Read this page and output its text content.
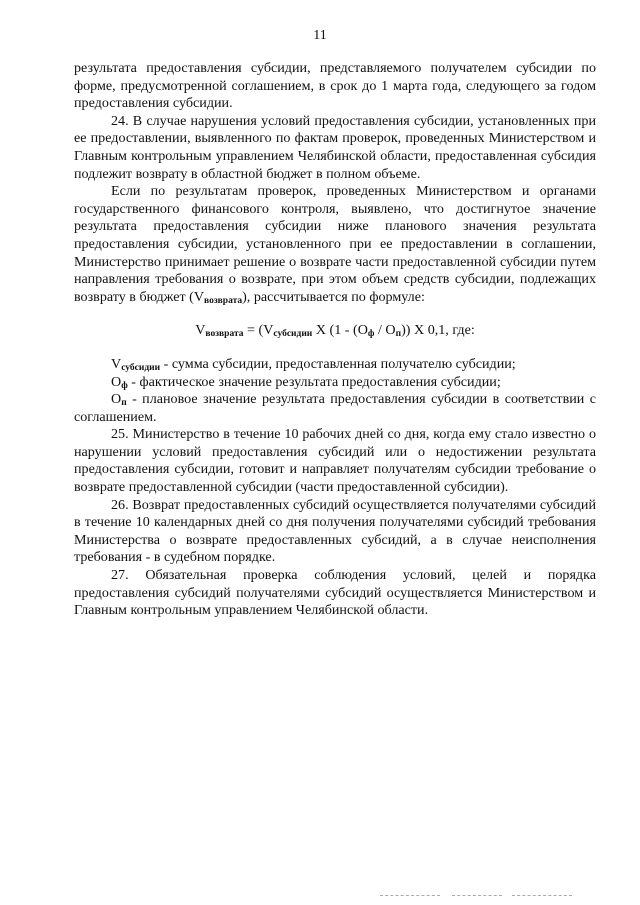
11

результата предоставления субсидии, представляемого получателем субсидии по форме, предусмотренной соглашением, в срок до 1 марта года, следующего за годом предоставления субсидии.

24. В случае нарушения условий предоставления субсидии, установленных при ее предоставлении, выявленного по фактам проверок, проведенных Министерством и Главным контрольным управлением Челябинской области, предоставленная субсидия подлежит возврату в областной бюджет в полном объеме.

Если по результатам проверок, проведенных Министерством и органами государственного финансового контроля, выявлено, что достигнутое значение результата предоставления субсидии ниже планового значения результата предоставления субсидии, установленного при ее предоставлении в соглашении, Министерство принимает решение о возврате части предоставленной субсидии путем направления требования о возврате, при этом объем средств субсидии, подлежащих возврату в бюджет $(V_{возврата})$, рассчитывается по формуле:

$V_{возврата} = (V_{субсидии}$ X $(1 - (O_ф / O_п))$ X 0,1, где:

$V_{субсидии}$ - сумма субсидии, предоставленная получателю субсидии;

$O_ф$ - фактическое значение результата предоставления субсидии;

$O_п$ - плановое значение результата предоставления субсидии в соответствии с соглашением.

25. Министерство в течение 10 рабочих дней со дня, когда ему стало известно о нарушении условий предоставления субсидий или о недостижении результата предоставления субсидии, готовит и направляет получателям субсидии требование о возврате предоставленной субсидии (части предоставленной субсидии).

26. Возврат предоставленных субсидий осуществляется получателями субсидий в течение 10 календарных дней со дня получения получателями субсидий требования Министерства о возврате предоставленных субсидий, а в случае неисполнения требования - в судебном порядке.

27. Обязательная проверка соблюдения условий, целей и порядка предоставления субсидий получателями субсидий осуществляется Министерством и Главным контрольным управлением Челябинской области.
